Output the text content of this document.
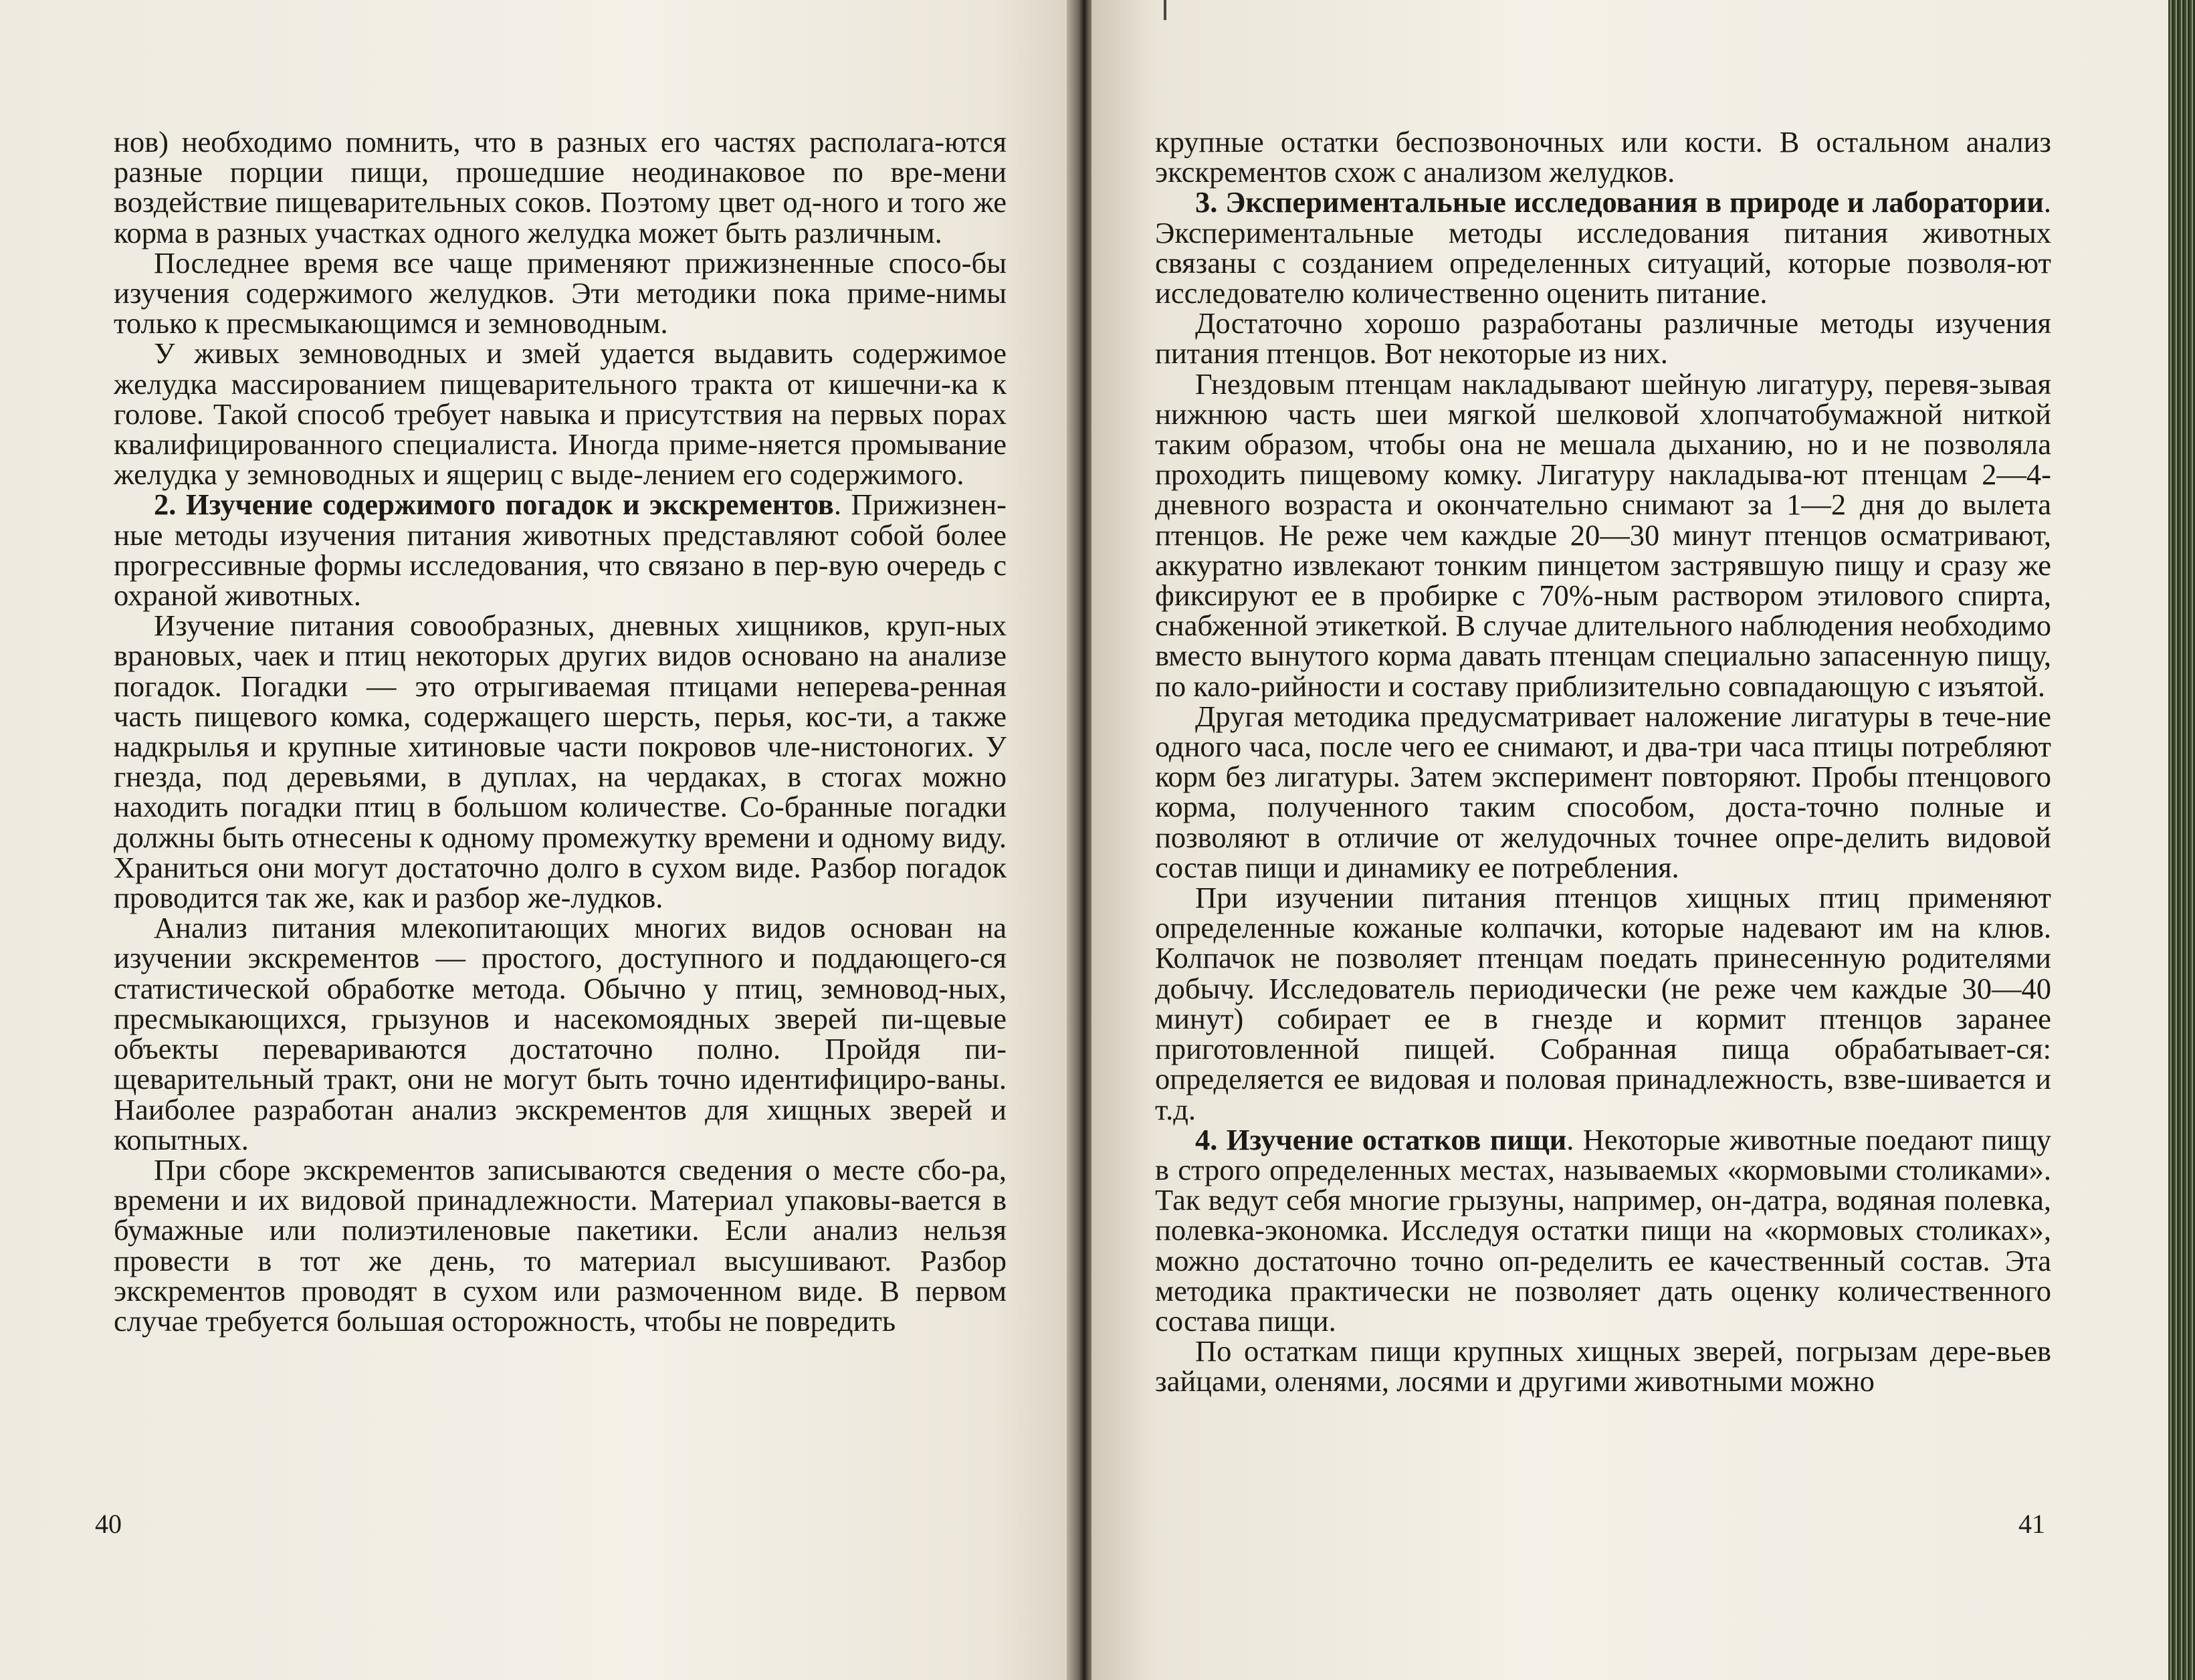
нов) необходимо помнить, что в разных его частях располага-ются разные порции пищи, прошедшие неодинаковое по вре-мени воздействие пищеварительных соков. Поэтому цвет од-ного и того же корма в разных участках одного желудка может быть различным.

Последнее время все чаще применяют прижизненные спосо-бы изучения содержимого желудков. Эти методики пока приме-нимы только к пресмыкающимся и земноводным.

У живых земноводных и змей удается выдавить содержимое желудка массированием пищеварительного тракта от кишечни-ка к голове. Такой способ требует навыка и присутствия на первых порах квалифицированного специалиста. Иногда приме-няется промывание желудка у земноводных и ящериц с выде-лением его содержимого.

2. Изучение содержимого погадок и экскрементов. Прижизнен-ные методы изучения питания животных представляют собой более прогрессивные формы исследования, что связано в пер-вую очередь с охраной животных.

Изучение питания совообразных, дневных хищников, круп-ных врановых, чаек и птиц некоторых других видов основано на анализе погадок. Погадки — это отрыгиваемая птицами неперева-ренная часть пищевого комка, содержащего шерсть, перья, кос-ти, а также надкрылья и крупные хитиновые части покровов чле-нистоногих. У гнезда, под деревьями, в дуплах, на чердаках, в стогах можно находить погадки птиц в большом количестве. Со-бранные погадки должны быть отнесены к одному промежутку времени и одному виду. Храниться они могут достаточно долго в сухом виде. Разбор погадок проводится так же, как и разбор же-лудков.

Анализ питания млекопитающих многих видов основан на изучении экскрементов — простого, доступного и поддающего-ся статистической обработке метода. Обычно у птиц, земновод-ных, пресмыкающихся, грызунов и насекомоядных зверей пи-щевые объекты перевариваются достаточно полно. Пройдя пи-щеварительный тракт, они не могут быть точно идентифициро-ваны. Наиболее разработан анализ экскрементов для хищных зверей и копытных.

При сборе экскрементов записываются сведения о месте сбо-ра, времени и их видовой принадлежности. Материал упаковы-вается в бумажные или полиэтиленовые пакетики. Если анализ нельзя провести в тот же день, то материал высушивают. Разбор экскрементов проводят в сухом или размоченном виде. В первом случае требуется большая осторожность, чтобы не повредить

40

крупные остатки беспозвоночных или кости. В остальном анализ экскрементов схож с анализом желудков.

3. Экспериментальные исследования в природе и лаборатории. Экспериментальные методы исследования питания животных связаны с созданием определенных ситуаций, которые позволя-ют исследователю количественно оценить питание.

Достаточно хорошо разработаны различные методы изучения питания птенцов. Вот некоторые из них.

Гнездовым птенцам накладывают шейную лигатуру, перевя-зывая нижнюю часть шеи мягкой шелковой хлопчатобумажной ниткой таким образом, чтобы она не мешала дыханию, но и не позволяла проходить пищевому комку. Лигатуру накладыва-ют птенцам 2—4-дневного возраста и окончательно снимают за 1—2 дня до вылета птенцов. Не реже чем каждые 20—30 минут птенцов осматривают, аккуратно извлекают тонким пинцетом застрявшую пищу и сразу же фиксируют ее в пробирке с 70%-ным раствором этилового спирта, снабженной этикеткой. В случае длительного наблюдения необходимо вместо вынутого корма давать птенцам специально запасенную пищу, по кало-рийности и составу приблизительно совпадающую с изъятой.

Другая методика предусматривает наложение лигатуры в тече-ние одного часа, после чего ее снимают, и два-три часа птицы потребляют корм без лигатуры. Затем эксперимент повторяют. Пробы птенцового корма, полученного таким способом, доста-точно полные и позволяют в отличие от желудочных точнее опре-делить видовой состав пищи и динамику ее потребления.

При изучении питания птенцов хищных птиц применяют определенные кожаные колпачки, которые надевают им на клюв. Колпачок не позволяет птенцам поедать принесенную родителями добычу. Исследователь периодически (не реже чем каждые 30—40 минут) собирает ее в гнезде и кормит птенцов заранее приготовленной пищей. Собранная пища обрабатывает-ся: определяется ее видовая и половая принадлежность, взве-шивается и т.д.

4. Изучение остатков пищи. Некоторые животные поедают пищу в строго определенных местах, называемых «кормовыми столиками». Так ведут себя многие грызуны, например, он-датра, водяная полевка, полевка-экономка. Исследуя остатки пищи на «кормовых столиках», можно достаточно точно оп-ределить ее качественный состав. Эта методика практически не позволяет дать оценку количественного состава пищи.

По остаткам пищи крупных хищных зверей, погрызам дере-вьев зайцами, оленями, лосями и другими животными можно

41
